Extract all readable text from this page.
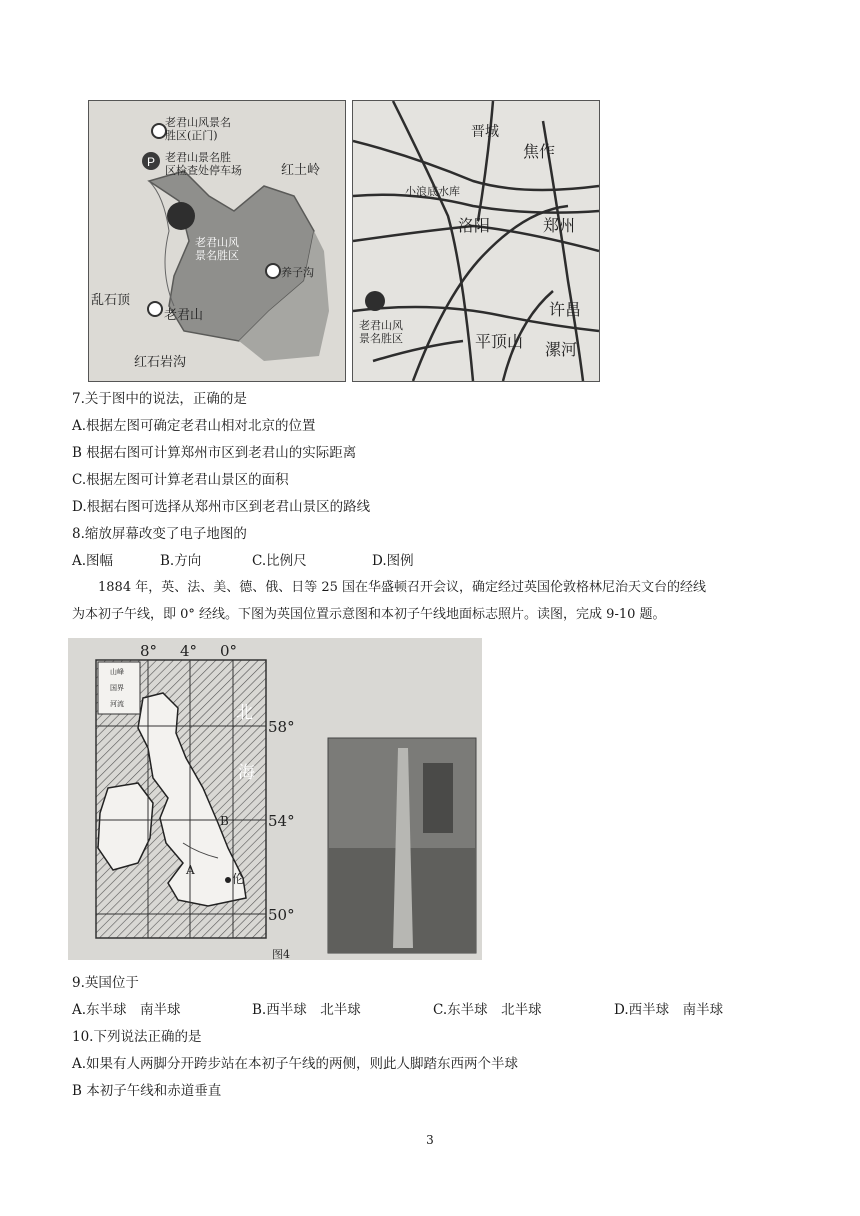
P
老君山风景名
胜区(正门)
老君山景名胜
区检查处停车场	红土岭
老君山风
景名胜区
养子沟
乱石顶
老君山
红石岩沟
晋城
焦作
小浪底水库
洛阳	郑州
老君山风
景名胜区
许昌
平顶山 漯河
7.关于图中的说法，正确的是
A.根据左图可确定老君山相对北京的位置
B 根据右图可计算郑州市区到老君山的实际距离
C.根据左图可计算老君山景区的面积
D.根据右图可选择从郑州市区到老君山景区的路线
8.缩放屏幕改变了电子地图的
A.图幅	B.方向	C.比例尺	D.图例
1884 年，英、法、美、德、俄、日等 25 国在华盛顿召开会议，确定经过英国伦敦格林尼治天文台的经线
为本初子午线，即 0° 经线。下图为英国位置示意图和本初子午线地面标志照片。读图，完成 9-10 题。
8° 4° 0°
58°
54°
50°
山峰
国界
河流	北
海
伦
A
B
图4
9.英国位于
A.东半球　南半球	B.西半球　北半球	C.东半球　北半球	D.西半球　南半球
10.下列说法正确的是
A.如果有人两脚分开跨步站在本初子午线的两侧，则此人脚踏东西两个半球
B 本初子午线和赤道垂直
3
